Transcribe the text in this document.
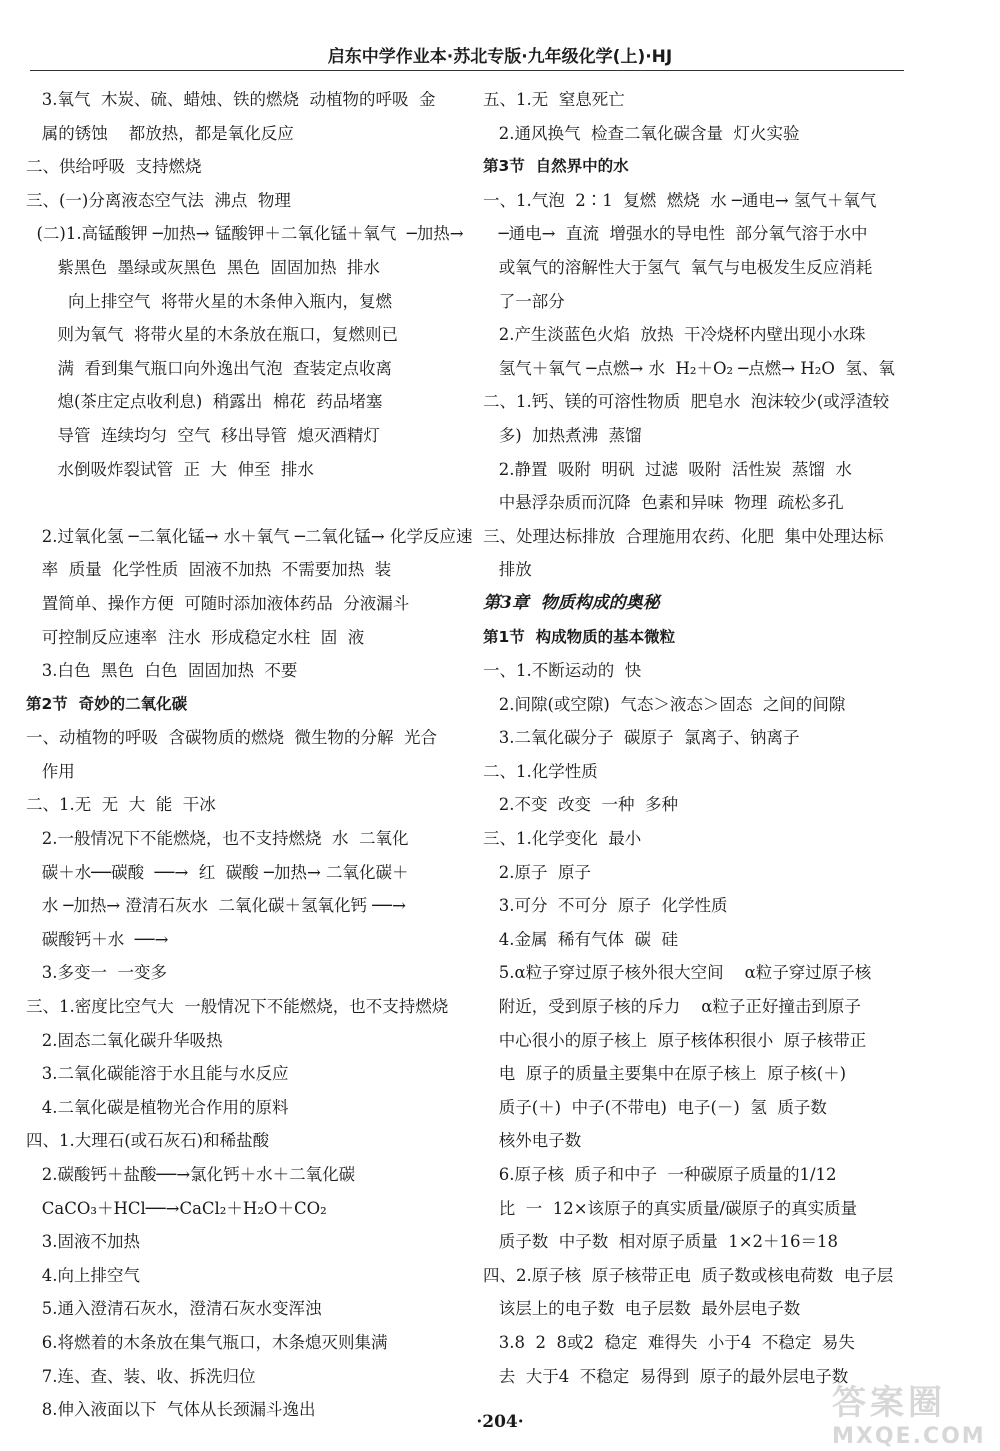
启东中学作业本·苏北专版·九年级化学(上)·HJ

3.氧气  木炭、硫、蜡烛、铁的燃烧  动植物的呼吸  金

属的锈蚀    都放热，都是氧化反应

二、供给呼吸  支持燃烧

三、(一)分离液态空气法  沸点  物理

(二)1.高锰酸钾 ─加热→ 锰酸钾＋二氧化锰＋氧气  ─加热→

紫黑色  墨绿或灰黑色  黑色  固固加热  排水

向上排空气  将带火星的木条伸入瓶内，复燃

则为氧气  将带火星的木条放在瓶口，复燃则已

满  看到集气瓶口向外逸出气泡  查装定点收离

熄(茶庄定点收利息)  稍露出  棉花  药品堵塞

导管  连续均匀  空气  移出导管  熄灭酒精灯

水倒吸炸裂试管  正  大  伸至  排水

2.过氧化氢 ─二氧化锰→ 水＋氧气 ─二氧化锰→ 化学反应速

率  质量  化学性质  固液不加热  不需要加热  装

置简单、操作方便  可随时添加液体药品  分液漏斗

可控制反应速率  注水  形成稳定水柱  固  液

3.白色  黑色  白色  固固加热  不要

第2节  奇妙的二氧化碳

一、动植物的呼吸  含碳物质的燃烧  微生物的分解  光合

作用

二、1.无  无  大  能  干冰

2.一般情况下不能燃烧，也不支持燃烧  水  二氧化

碳＋水──碳酸  ──→  红  碳酸 ─加热→ 二氧化碳＋

水 ─加热→ 澄清石灰水  二氧化碳＋氢氧化钙 ──→

碳酸钙＋水  ──→

3.多变一  一变多

三、1.密度比空气大  一般情况下不能燃烧，也不支持燃烧

2.固态二氧化碳升华吸热

3.二氧化碳能溶于水且能与水反应

4.二氧化碳是植物光合作用的原料

四、1.大理石(或石灰石)和稀盐酸

2.碳酸钙＋盐酸──→氯化钙＋水＋二氧化碳

CaCO₃＋HCl──→CaCl₂＋H₂O＋CO₂

3.固液不加热

4.向上排空气

5.通入澄清石灰水，澄清石灰水变浑浊

6.将燃着的木条放在集气瓶口，木条熄灭则集满

7.连、查、装、收、拆洗归位

8.伸入液面以下  气体从长颈漏斗逸出

五、1.无  窒息死亡

2.通风换气  检查二氧化碳含量  灯火实验

第3节  自然界中的水

一、1.气泡  2∶1  复燃  燃烧  水 ─通电→ 氢气＋氧气

─通电→  直流  增强水的导电性  部分氧气溶于水中

或氧气的溶解性大于氢气  氧气与电极发生反应消耗

了一部分

2.产生淡蓝色火焰  放热  干冷烧杯内壁出现小水珠

氢气＋氧气 ─点燃→ 水  H₂＋O₂ ─点燃→ H₂O  氢、氧

二、1.钙、镁的可溶性物质  肥皂水  泡沫较少(或浮渣较

多)  加热煮沸  蒸馏

2.静置  吸附  明矾  过滤  吸附  活性炭  蒸馏  水

中悬浮杂质而沉降  色素和异味  物理  疏松多孔

三、处理达标排放  合理施用农药、化肥  集中处理达标

排放

第3章  物质构成的奥秘

第1节  构成物质的基本微粒

一、1.不断运动的  快

2.间隙(或空隙)  气态＞液态＞固态  之间的间隙

3.二氧化碳分子  碳原子  氯离子、钠离子

二、1.化学性质

2.不变  改变  一种  多种

三、1.化学变化  最小

2.原子  原子

3.可分  不可分  原子  化学性质

4.金属  稀有气体  碳  硅

5.α粒子穿过原子核外很大空间    α粒子穿过原子核

附近，受到原子核的斥力    α粒子正好撞击到原子

中心很小的原子核上  原子核体积很小  原子核带正

电  原子的质量主要集中在原子核上  原子核(＋)

质子(＋)  中子(不带电)  电子(－)  氢  质子数

核外电子数

6.原子核  质子和中子  一种碳原子质量的1/12

比  一  12×该原子的真实质量/碳原子的真实质量

质子数  中子数  相对原子质量  1×2＋16＝18

四、2.原子核  原子核带正电  质子数或核电荷数  电子层

该层上的电子数  电子层数  最外层电子数

3.8  2  8或2  稳定  难得失  小于4  不稳定  易失

去  大于4  不稳定  易得到  原子的最外层电子数

·204·	答案圈
MXQE.COM
